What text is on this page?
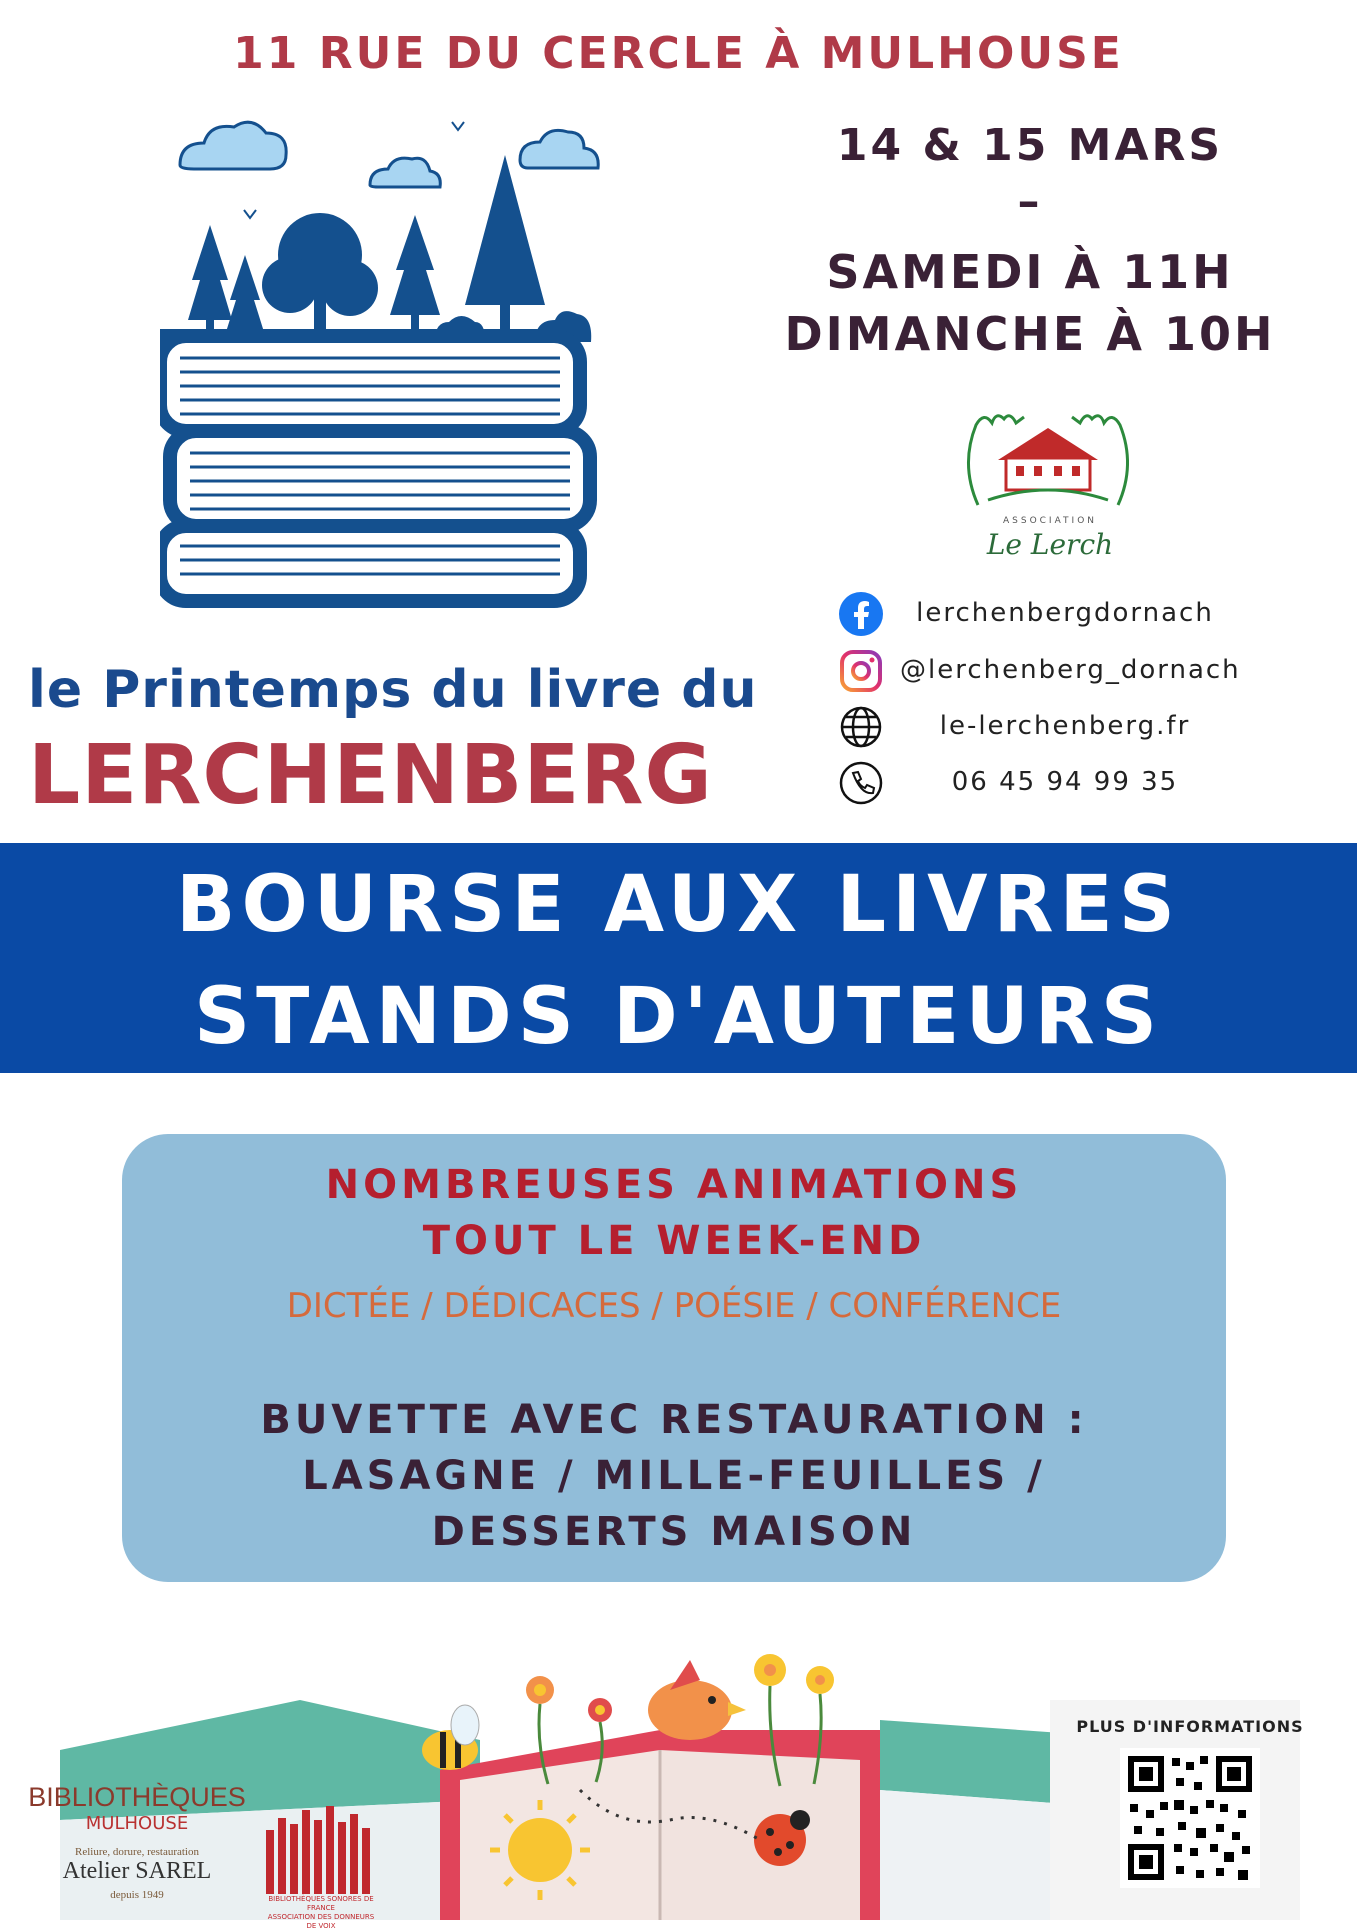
11 RUE DU CERCLE À MULHOUSE
14 & 15 MARS
–
SAMEDI À 11H
DIMANCHE À 10H
ASSOCIATION
Le Lerch
lerchenbergdornach
@lerchenberg_dornach
le-lerchenberg.fr
06 45 94 99 35
le Printemps du livre du
LERCHENBERG
BOURSE AUX LIVRES
STANDS D'AUTEURS
NOMBREUSES ANIMATIONS
TOUT LE WEEK-END
DICTÉE / DÉDICACES / POÉSIE / CONFÉRENCE
BUVETTE AVEC RESTAURATION :
LASAGNE / MILLE-FEUILLES /
DESSERTS MAISON
PLUS D'INFORMATIONS
BIBLIOTHÈQUES
MULHOUSE
Reliure, dorure, restauration
Atelier SAREL
depuis 1949	BIBLIOTHÈQUES SONORES DE FRANCE
ASSOCIATION DES DONNEURS DE VOIX
